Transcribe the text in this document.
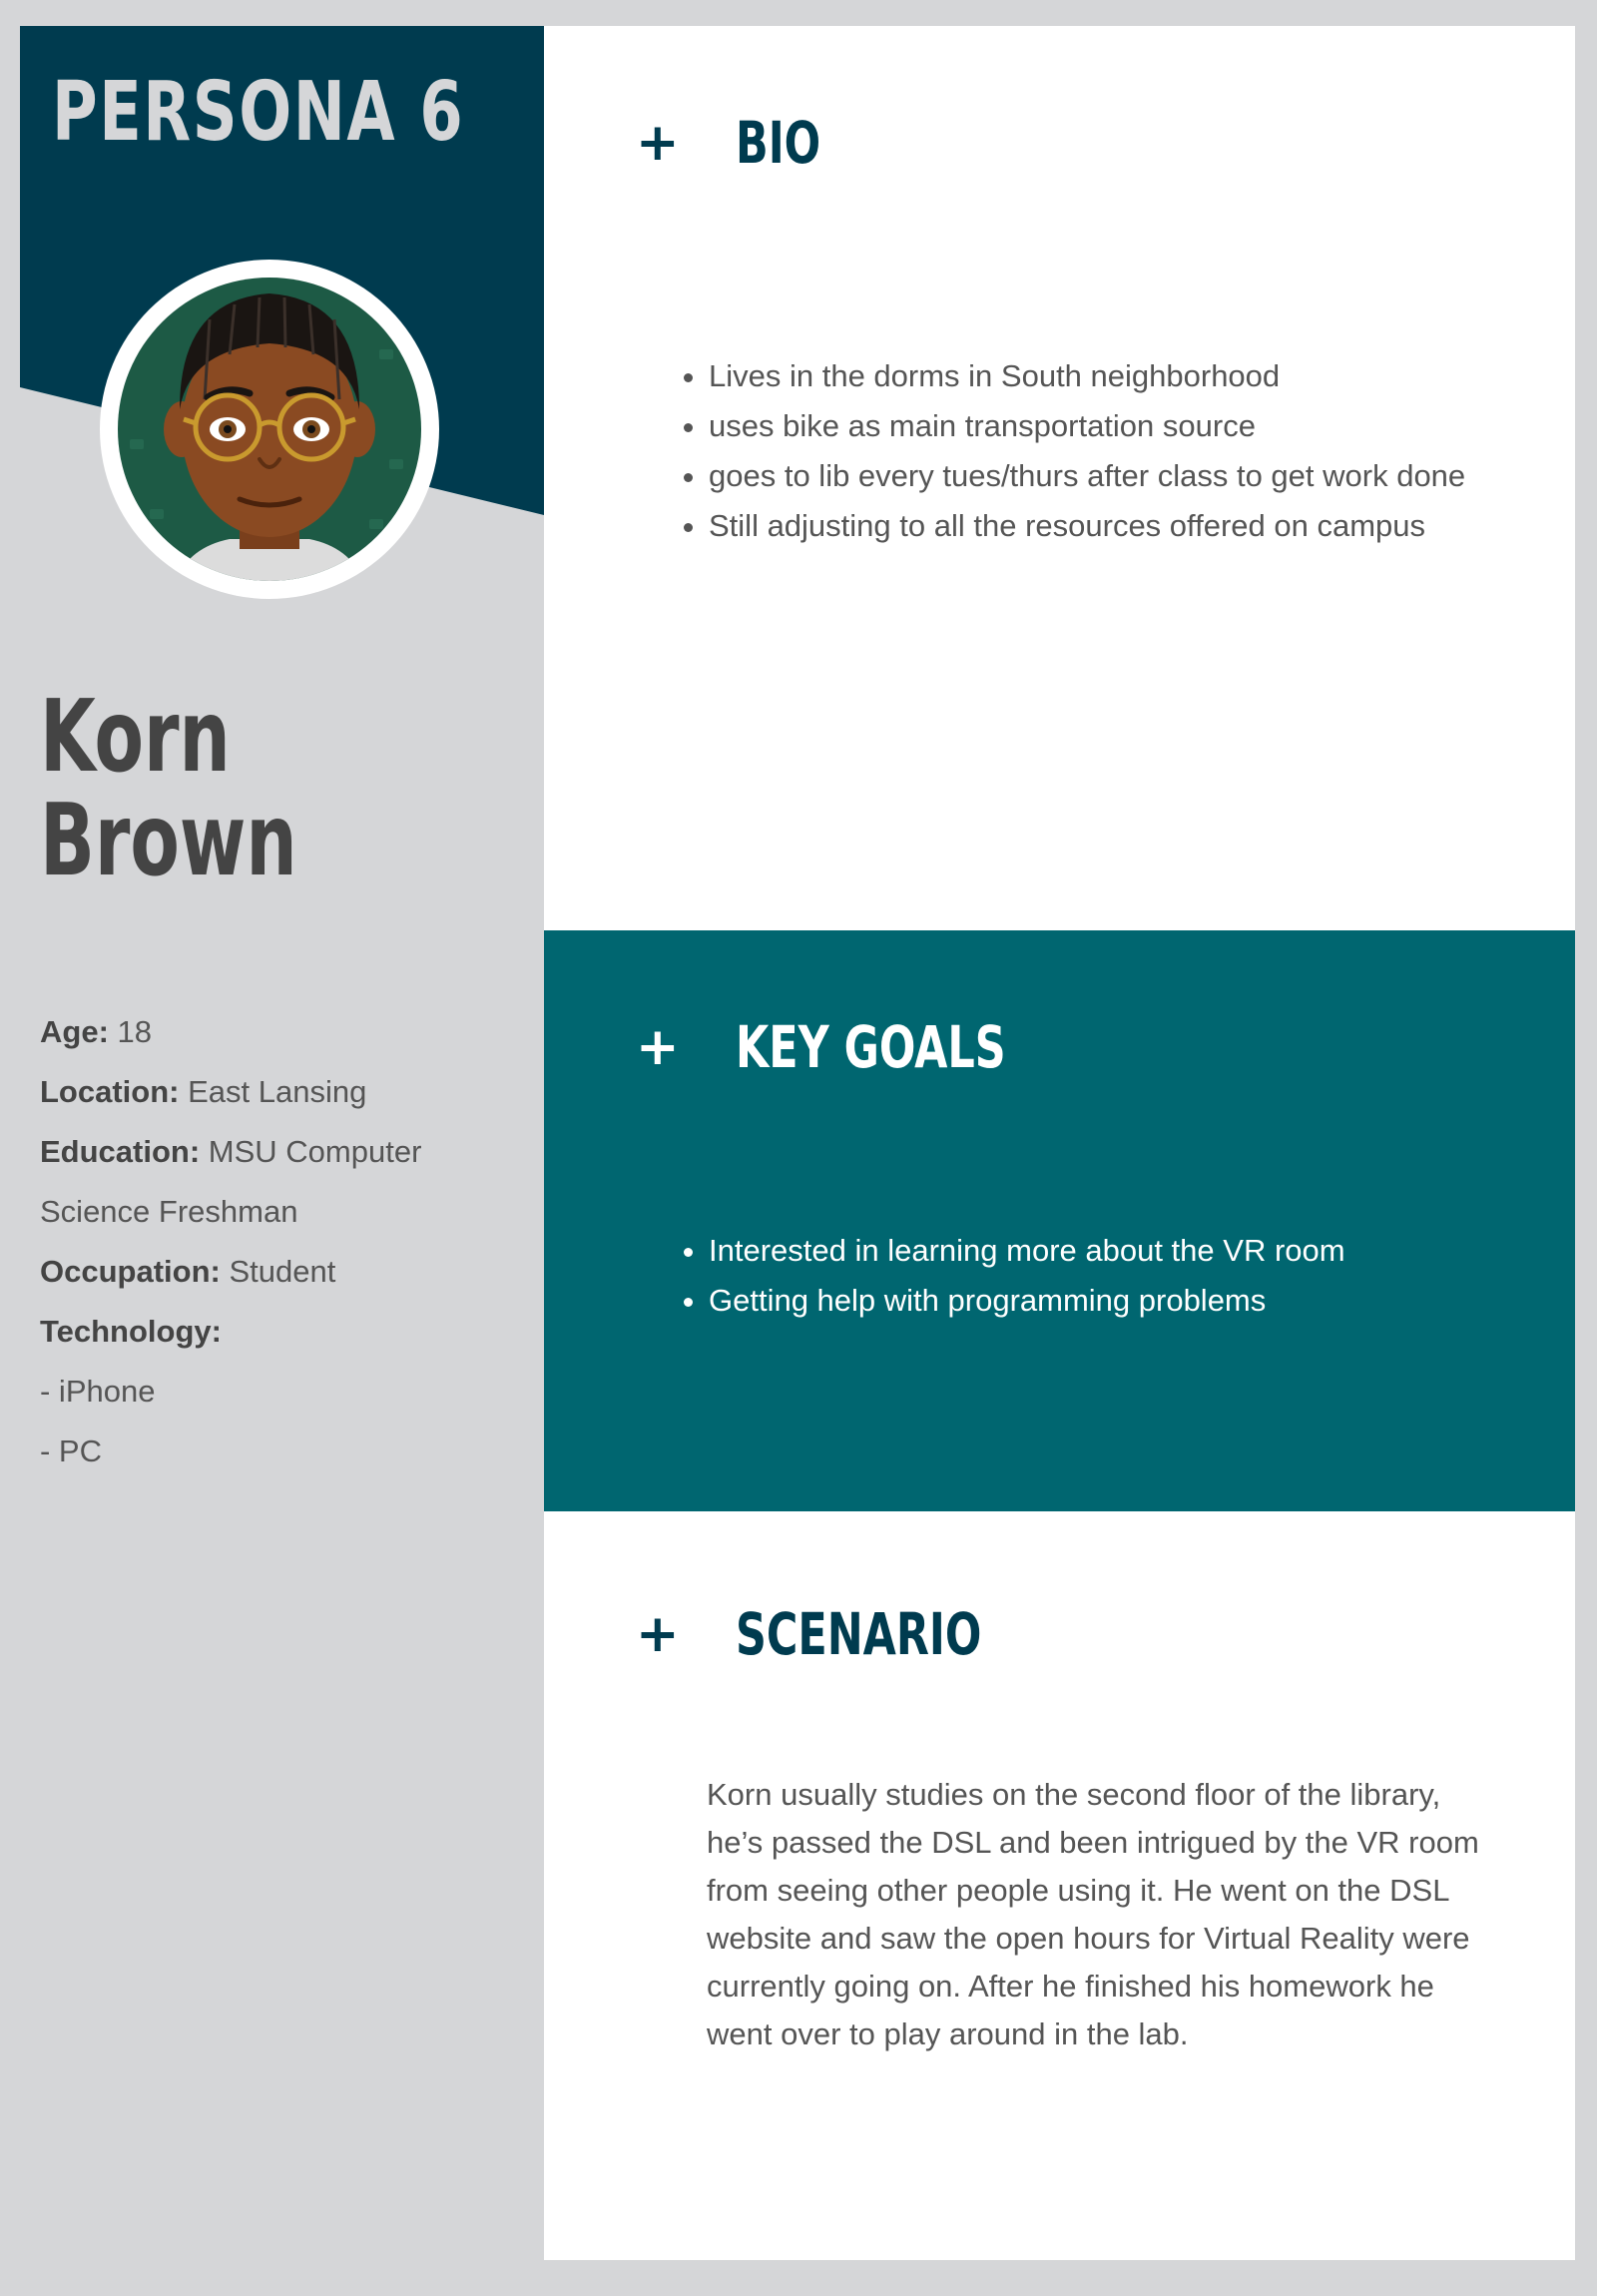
PERSONA 6
Korn
Brown
Age: 18
Location: East Lansing
Education: MSU Computer
Science Freshman
Occupation: Student
Technology:
- iPhone
- PC
+ BIO
• Lives in the dorms in South neighborhood
• uses bike as main transportation source
• goes to lib every tues/thurs after class to get work done
• Still adjusting to all the resources offered on campus
+ KEY GOALS
• Interested in learning more about the VR room
• Getting help with programming problems
+ SCENARIO

Korn usually studies on the second floor of the library, he’s passed the DSL and been intrigued by the VR room from seeing other people using it. He went on the DSL website and saw the open hours for Virtual Reality were currently going on. After he finished his homework he went over to play around in the lab.
